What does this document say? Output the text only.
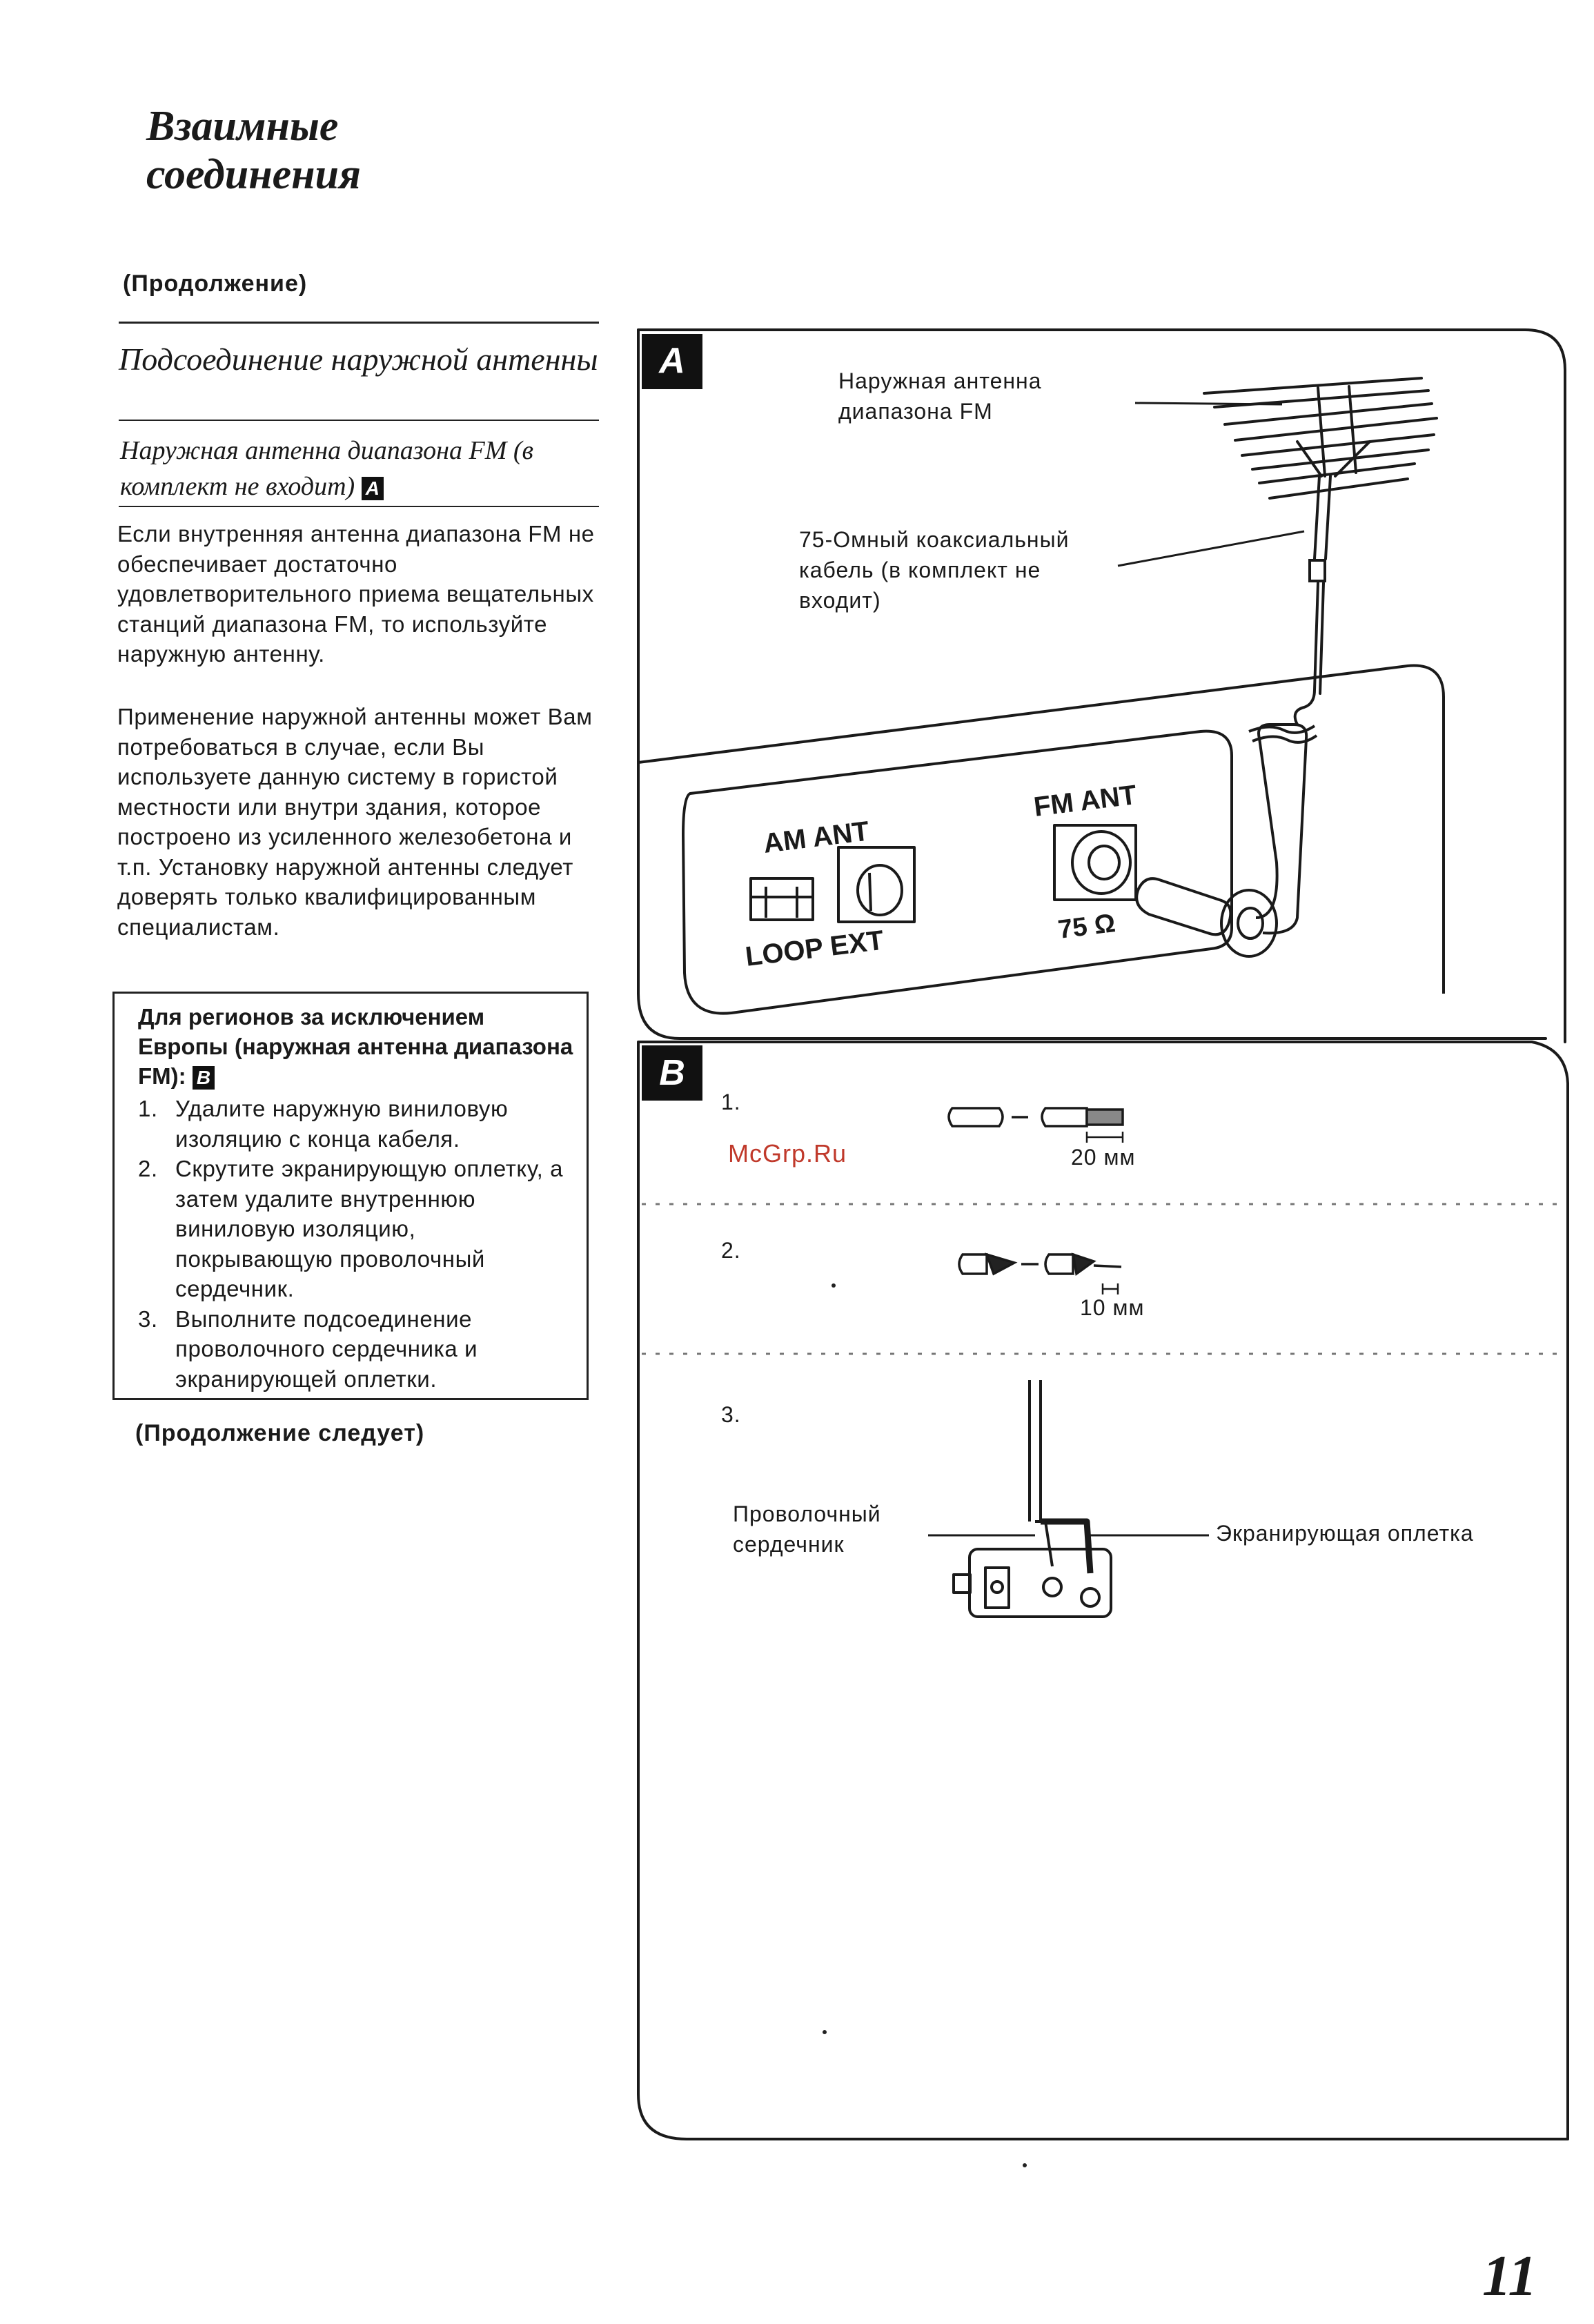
Взаимные
соединения
(Продолжение)
Подсоединение наружной антенны
Наружная антенна диапазона FM (в комплект не входит) A
Если внутренняя антенна диапазона FM не обеспечивает достаточно удовлетворительного приема вещательных станций диапазона FM, то используйте наружную антенну.
Применение наружной антенны может Вам потребоваться в случае, если Вы используете данную систему в гористой местности или внутри здания, которое построено из усиленного железобетона и т.п. Установку наружной антенны следует доверять только квалифицированным специалистам.
Для регионов за исключением Европы (наружная антенна диапазона FM): B
1. Удалите наружную виниловую изоляцию с конца кабеля.
2. Скрутите экранирующую оплетку, а затем удалите внутреннюю виниловую изоляцию, покрывающую проволочный сердечник.
3. Выполните подсоединение проволочного сердечника и экранирующей оплетки.
(Продолжение следует)
A
B
AM ANT
LOOP EXT
FM ANT
75 Ω
Наружная антенна диапазона FM
75-Омный коаксиальный кабель (в комплект не входит)
McGrp.Ru
1.
20 мм
2.
10 мм
3.
Проволочный сердечник	Экранирующая оплетка
11
